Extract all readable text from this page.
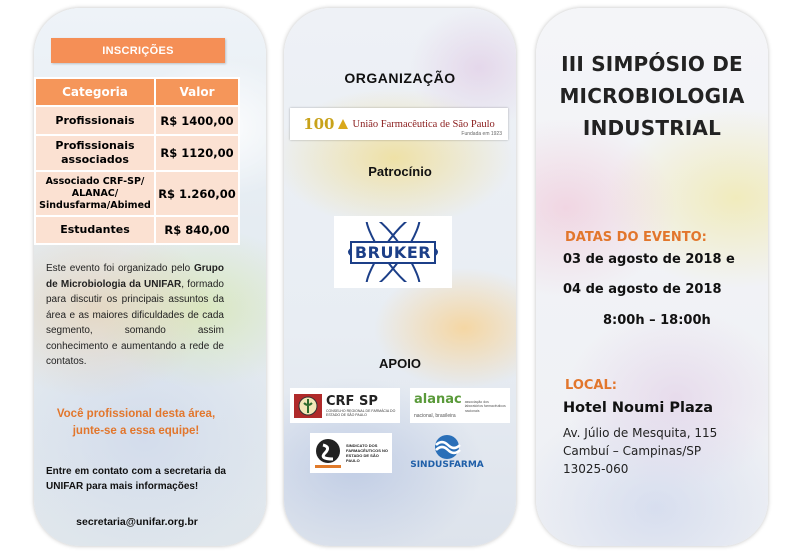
INSCRIÇÕES
Categoria	Valor
Profissionais	R$ 1400,00
Profissionais associados	R$ 1120,00
Associado CRF-SP/ ALANAC/ Sindusfarma/Abimed	R$ 1.260,00
Estudantes	R$ 840,00

Este evento foi organizado pelo Grupo de Microbiologia da UNIFAR, formado para discutir os principais assuntos da área e as maiores dificuldades de cada segmento, somando assim conhecimento e aumentando a rede de contatos.

Você profissional desta área, junte-se a essa equipe!

Entre em contato com a secretaria da UNIFAR para mais informações!

secretaria@unifar.org.br

ORGANIZAÇÃO
100 União Farmacêutica de São Paulo
Fundada em 1923
Patrocínio
BRUKER
APOIO
CRF SP
CONSELHO REGIONAL DE FARMÁCIA DO ESTADO DE SÃO PAULO
alanac associação dos laboratórios farmacêuticos nacionais
nacional, brasileira
SINDICATO DOS FARMACÊUTICOS NO ESTADO DE SÃO PAULO	SINDUSFARMA
III SIMPÓSIO DE
MICROBIOLOGIA
INDUSTRIAL
DATAS DO EVENTO:
03 de agosto de 2018 e
04 de agosto de 2018
8:00h – 18:00h
LOCAL:
Hotel Noumi Plaza
Av. Júlio de Mesquita, 115
Cambuí – Campinas/SP
13025-060
